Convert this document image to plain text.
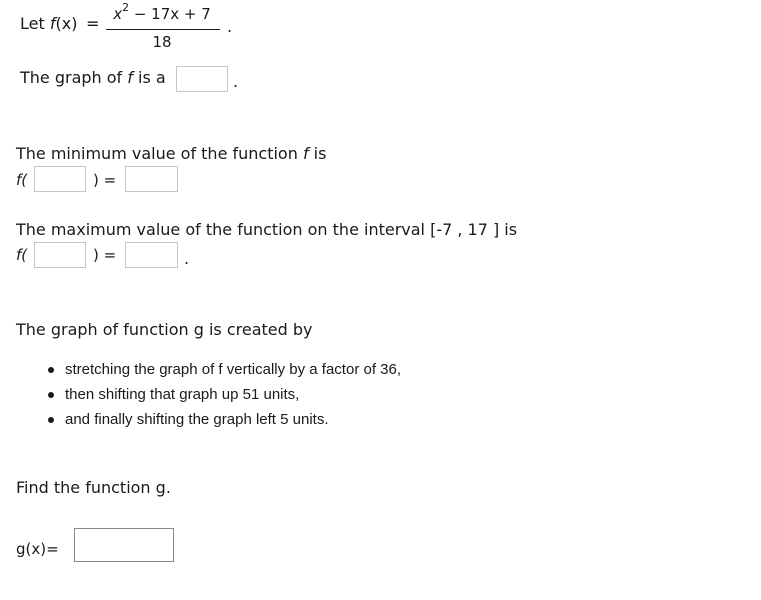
Let $f(x) = x^2 - 17x + 7$
18
.
The graph of f is a	.
The minimum value of the function f is
f(	) =
The maximum value of the function on the interval [-7 , 17 ] is
f(	) =	.
The graph of function g is created by
stretching the graph of f vertically by a factor of 36,
then shifting that graph up 51 units,
and finally shifting the graph left 5 units.
Find the function g.
g(x)=
